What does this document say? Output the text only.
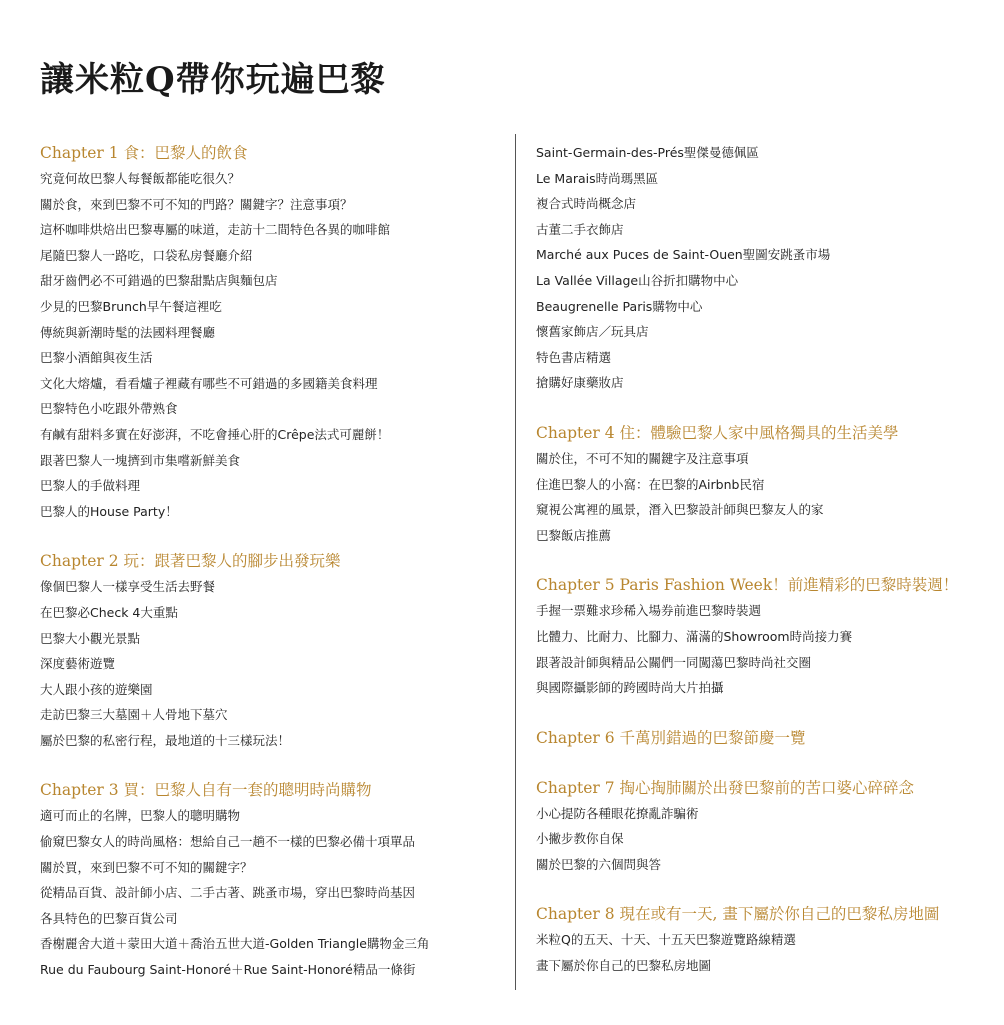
讓米粒Q帶你玩遍巴黎
Chapter 1 食：巴黎人的飲食
究竟何故巴黎人每餐飯都能吃很久？
關於食，來到巴黎不可不知的門路？關鍵字？注意事項？
這杯咖啡烘焙出巴黎專屬的味道，走訪十二間特色各異的咖啡館
尾隨巴黎人一路吃，口袋私房餐廳介紹
甜牙齒們必不可錯過的巴黎甜點店與麵包店
少見的巴黎Brunch早午餐這裡吃
傳統與新潮時髦的法國料理餐廳
巴黎小酒館與夜生活
文化大熔爐，看看爐子裡藏有哪些不可錯過的多國籍美食料理
巴黎特色小吃跟外帶熟食
有鹹有甜料多實在好澎湃，不吃會捶心肝的Crêpe法式可麗餅！
跟著巴黎人一塊擠到市集嚐新鮮美食
巴黎人的手做料理
巴黎人的House Party！
Chapter 2 玩：跟著巴黎人的腳步出發玩樂
像個巴黎人一樣享受生活去野餐
在巴黎必Check 4大重點
巴黎大小觀光景點
深度藝術遊覽
大人跟小孩的遊樂園
走訪巴黎三大墓園＋人骨地下墓穴
屬於巴黎的私密行程，最地道的十三樣玩法！
Chapter 3 買：巴黎人自有一套的聰明時尚購物
適可而止的名牌，巴黎人的聰明購物
偷窺巴黎女人的時尚風格：想給自己一趟不一樣的巴黎必備十項單品
關於買，來到巴黎不可不知的關鍵字？
從精品百貨、設計師小店、二手古著、跳蚤市場，穿出巴黎時尚基因
各具特色的巴黎百貨公司
香榭麗舍大道＋蒙田大道＋喬治五世大道-Golden Triangle購物金三角
Rue du Faubourg Saint-Honoré＋Rue Saint-Honoré精品一條街
Saint-Germain-des-Prés聖傑曼德佩區
Le Marais時尚瑪黑區
複合式時尚概念店
古董二手衣飾店
Marché aux Puces de Saint-Ouen聖圖安跳蚤市場
La Vallée Village山谷折扣購物中心
Beaugrenelle Paris購物中心
懷舊家飾店／玩具店
特色書店精選
搶購好康藥妝店
Chapter 4 住：體驗巴黎人家中風格獨具的生活美學
關於住，不可不知的關鍵字及注意事項
住進巴黎人的小窩：在巴黎的Airbnb民宿
窺視公寓裡的風景，潛入巴黎設計師與巴黎友人的家
巴黎飯店推薦
Chapter 5 Paris Fashion Week！前進精彩的巴黎時裝週！
手握一票難求珍稀入場券前進巴黎時裝週
比體力、比耐力、比腳力、滿滿的Showroom時尚接力賽
跟著設計師與精品公關們一同闖蕩巴黎時尚社交圈
與國際攝影師的跨國時尚大片拍攝
Chapter 6 千萬別錯過的巴黎節慶一覽
Chapter 7 掏心掏肺關於出發巴黎前的苦口婆心碎碎念
小心提防各種眼花撩亂詐騙術
小撇步教你自保
關於巴黎的六個問與答
Chapter 8 現在或有一天, 畫下屬於你自己的巴黎私房地圖
米粒Q的五天、十天、十五天巴黎遊覽路線精選
畫下屬於你自己的巴黎私房地圖
